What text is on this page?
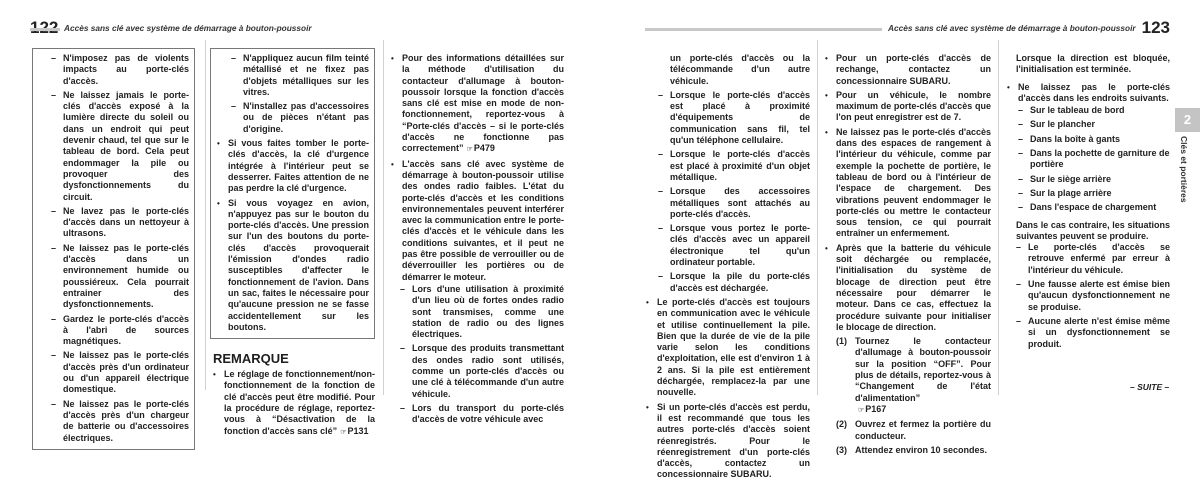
Accès sans clé avec système de démarrage à bouton-poussoir
– N'imposez pas de violents impacts au porte-clés d'accès.
– Ne laissez jamais le porte-clés d'accès exposé à la lumière directe du soleil ou dans un endroit qui peut devenir chaud, tel que sur le tableau de bord. Cela peut endommager la pile ou provoquer des dysfonctionnements du circuit.
– Ne lavez pas le porte-clés d'accès dans un nettoyeur à ultrasons.
– Ne laissez pas le porte-clés d'accès dans un environnement humide ou poussiéreux. Cela pourrait entrainer des dysfonctionnements.
– Gardez le porte-clés d'accès à l'abri de sources magnétiques.
– Ne laissez pas le porte-clés d'accès près d'un ordinateur ou d'un appareil électrique domestique.
– Ne laissez pas le porte-clés d'accès près d'un chargeur de batterie ou d'accessoires électriques.
– N'appliquez aucun film teinté métallisé et ne fixez pas d'objets métalliques sur les vitres.
– N'installez pas d'accessoires ou de pièces n'étant pas d'origine.
• Si vous faites tomber le porte-clés d'accès, la clé d'urgence intégrée à l'intérieur peut se desserrer. Faites attention de ne pas perdre la clé d'urgence.
• Si vous voyagez en avion, n'appuyez pas sur le bouton du porte-clés d'accès. Une pression sur l'un des boutons du porte-clés d'accès provoquerait l'émission d'ondes radio susceptibles d'affecter le fonctionnement de l'avion. Dans un sac, faites le nécessaire pour qu'aucune pression ne se fasse accidentellement sur les boutons.
REMARQUE
• Le réglage de fonctionnement/non-fonctionnement de la fonction de clé d'accès peut être modifié. Pour la procédure de réglage, reportez-vous à “Désactivation de la fonction d'accès sans clé” ☞P131
• Pour des informations détaillées sur la méthode d'utilisation du contacteur d'allumage à bouton-poussoir lorsque la fonction d'accès sans clé est mise en mode de non-fonctionnement, reportez-vous à “Porte-clés d'accès – si le porte-clés d'accès ne fonctionne pas correctement” ☞P479
• L'accès sans clé avec système de démarrage à bouton-poussoir utilise des ondes radio faibles. L'état du porte-clés d'accès et les conditions environnementales peuvent interférer avec la communication entre le porte-clés d'accès et le véhicule dans les conditions suivantes, et il peut ne pas être possible de verrouiller ou de déverrouiller les portières ou de démarrer le moteur.
– Lors d'une utilisation à proximité d'un lieu où de fortes ondes radio sont transmises, comme une station de radio ou des lignes électriques.
– Lorsque des produits transmettant des ondes radio sont utilisés, comme un porte-clés d'accès ou une clé à télécommande d'un autre véhicule.
– Lors du transport du porte-clés d'accès de votre véhicule avec
Accès sans clé avec système de démarrage à bouton-poussoir 123
un porte-clés d'accès ou la télécommande d'un autre véhicule.
– Lorsque le porte-clés d'accès est placé à proximité d'équipements de communication sans fil, tel qu'un téléphone cellulaire.
– Lorsque le porte-clés d'accès est placé à proximité d'un objet métallique.
– Lorsque des accessoires métalliques sont attachés au porte-clés d'accès.
– Lorsque vous portez le porte-clés d'accès avec un appareil électronique tel qu'un ordinateur portable.
– Lorsque la pile du porte-clés d'accès est déchargée.
• Le porte-clés d'accès est toujours en communication avec le véhicule et utilise continuellement la pile. Bien que la durée de vie de la pile varie selon les conditions d'exploitation, elle est d'environ 1 à 2 ans. Si la pile est entièrement déchargée, remplacez-la par une nouvelle.
• Si un porte-clés d'accès est perdu, il est recommandé que tous les autres porte-clés d'accès soient réenregistrés. Pour le réenregistrement d'un porte-clés d'accès, contactez un concessionnaire SUBARU.
• Pour un porte-clés d'accès de rechange, contactez un concessionnaire SUBARU.
• Pour un véhicule, le nombre maximum de porte-clés d'accès que l'on peut enregistrer est de 7.
• Ne laissez pas le porte-clés d'accès dans des espaces de rangement à l'intérieur du véhicule, comme par exemple la pochette de portière, le tableau de bord ou à l'intérieur de l'espace de chargement. Des vibrations peuvent endommager le porte-clés ou mettre le contacteur sous tension, ce qui pourrait entraîner un enfermement.
• Après que la batterie du véhicule soit déchargée ou remplacée, l'initialisation du système de blocage de direction peut être nécessaire pour démarrer le moteur. Dans ce cas, effectuez la procédure suivante pour initialiser le blocage de direction.
(1) Tournez le contacteur d'allumage à bouton-poussoir sur la position “OFF”. Pour plus de détails, reportez-vous à “Changement de l'état d'alimentation”
☞P167
(2) Ouvrez et fermez la portière du conducteur.
(3) Attendez environ 10 secondes.
Lorsque la direction est bloquée, l'initialisation est terminée.
• Ne laissez pas le porte-clés d'accès dans les endroits suivants.
– Sur le tableau de bord
– Sur le plancher
– Dans la boîte à gants
– Dans la pochette de garniture de portière
– Sur le siège arrière
– Sur la plage arrière
– Dans l'espace de chargement
Dans le cas contraire, les situations suivantes peuvent se produire.
– Le porte-clés d'accès se retrouve enfermé par erreur à l'intérieur du véhicule.
– Une fausse alerte est émise bien qu'aucun dysfonctionnement ne se produise.
– Aucune alerte n'est émise même si un dysfonctionnement se produit.
2
Clés et portières
– SUITE –
